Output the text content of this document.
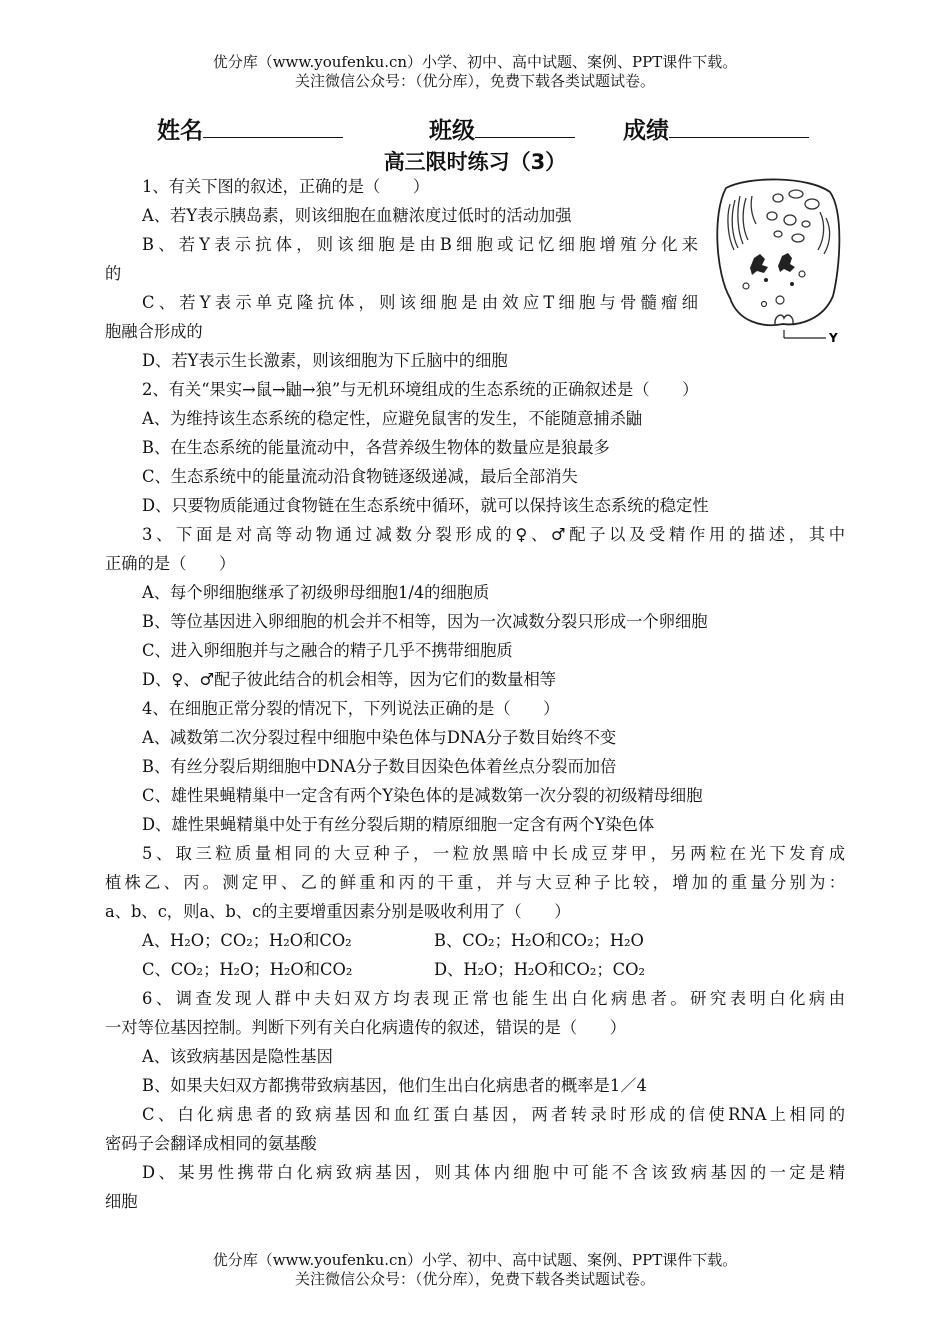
优分库（www.youfenku.cn）小学、初中、高中试题、案例、PPT课件下载。
关注微信公众号：（优分库），免费下载各类试题试卷。
姓名	班级	成绩
高三限时练习（3）
Y
1、有关下图的叙述，正确的是（　　）
A、若Y表示胰岛素，则该细胞在血糖浓度过低时的活动加强
B、若Y表示抗体，则该细胞是由B细胞或记忆细胞增殖分化来
的
C、若Y表示单克隆抗体，则该细胞是由效应T细胞与骨髓瘤细
胞融合形成的
D、若Y表示生长激素，则该细胞为下丘脑中的细胞
2、有关“果实→鼠→鼬→狼”与无机环境组成的生态系统的正确叙述是（　　）
A、为维持该生态系统的稳定性，应避免鼠害的发生，不能随意捕杀鼬
B、在生态系统的能量流动中，各营养级生物体的数量应是狼最多
C、生态系统中的能量流动沿食物链逐级递减，最后全部消失
D、只要物质能通过食物链在生态系统中循环，就可以保持该生态系统的稳定性
3、下面是对高等动物通过减数分裂形成的♀、♂配子以及受精作用的描述，其中
正确的是（　　）
A、每个卵细胞继承了初级卵母细胞1/4的细胞质
B、等位基因进入卵细胞的机会并不相等，因为一次减数分裂只形成一个卵细胞
C、进入卵细胞并与之融合的精子几乎不携带细胞质
D、♀、♂配子彼此结合的机会相等，因为它们的数量相等
4、在细胞正常分裂的情况下，下列说法正确的是（　　）
A、减数第二次分裂过程中细胞中染色体与DNA分子数目始终不变
B、有丝分裂后期细胞中DNA分子数目因染色体着丝点分裂而加倍
C、雄性果蝇精巢中一定含有两个Y染色体的是减数第一次分裂的初级精母细胞
D、雄性果蝇精巢中处于有丝分裂后期的精原细胞一定含有两个Y染色体
5、取三粒质量相同的大豆种子，一粒放黑暗中长成豆芽甲，另两粒在光下发育成
植株乙、丙。测定甲、乙的鲜重和丙的干重，并与大豆种子比较，增加的重量分别为：
a、b、c，则a、b、c的主要增重因素分别是吸收利用了（　　）
A、H₂O；CO₂；H₂O和CO₂	B、CO₂；H₂O和CO₂；H₂O
C、CO₂；H₂O；H₂O和CO₂	D、H₂O；H₂O和CO₂；CO₂
6、调查发现人群中夫妇双方均表现正常也能生出白化病患者。研究表明白化病由
一对等位基因控制。判断下列有关白化病遗传的叙述，错误的是（　　）
A、该致病基因是隐性基因
B、如果夫妇双方都携带致病基因，他们生出白化病患者的概率是1／4
C、白化病患者的致病基因和血红蛋白基因，两者转录时形成的信使RNA上相同的
密码子会翻译成相同的氨基酸
D、某男性携带白化病致病基因，则其体内细胞中可能不含该致病基因的一定是精
细胞
优分库（www.youfenku.cn）小学、初中、高中试题、案例、PPT课件下载。
关注微信公众号：（优分库），免费下载各类试题试卷。
